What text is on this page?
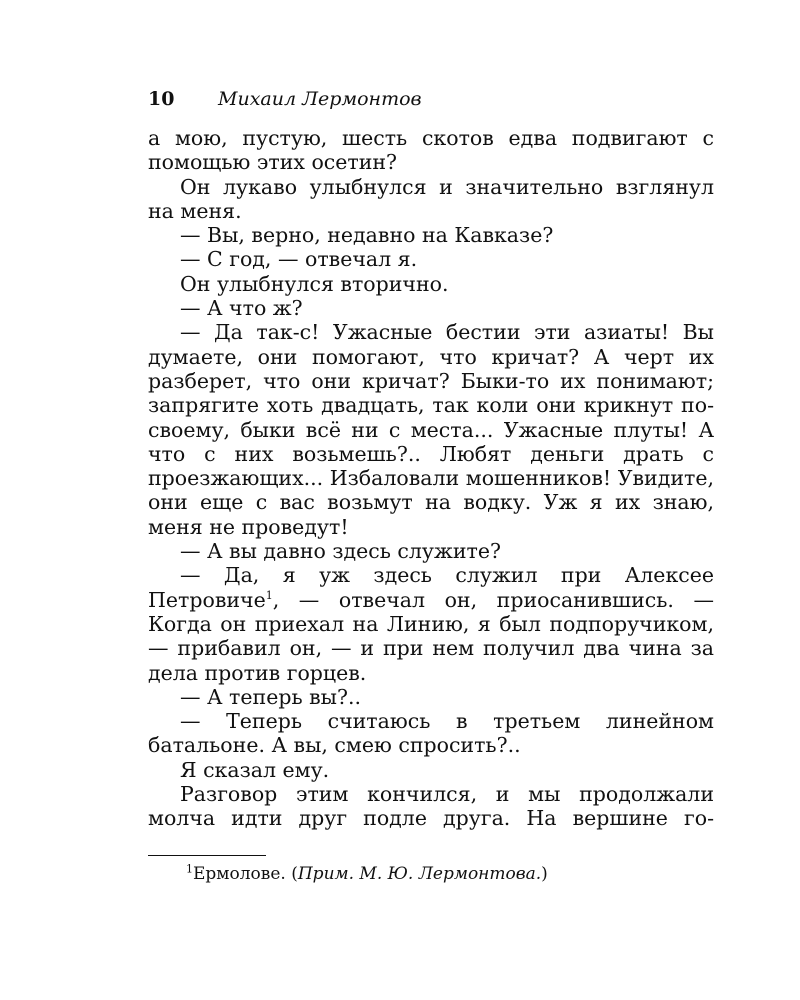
10 Михаил Лермонтов

а мою, пустую, шесть скотов едва подвигают с помощью этих осетин?

Он лукаво улыбнулся и значительно взглянул на меня.

— Вы, верно, недавно на Кавказе?

— С год, — отвечал я.

Он улыбнулся вторично.

— А что ж?

— Да так-с! Ужасные бестии эти азиаты! Вы думаете, они помогают, что кричат? А черт их разберет, что они кричат? Быки-то их понимают; запрягите хоть двадцать, так коли они крикнут по-своему, быки всё ни с места... Ужасные плуты! А что с них возьмешь?.. Любят деньги драть с проезжающих... Избаловали мошенников! Увидите, они еще с вас возьмут на водку. Уж я их знаю, меня не проведут!

— А вы давно здесь служите?

— Да, я уж здесь служил при Алексее Петровиче$^1$, — отвечал он, приосанившись. — Когда он приехал на Линию, я был подпоручиком, — прибавил он, — и при нем получил два чина за дела против горцев.

— А теперь вы?..

— Теперь считаюсь в третьем линейном батальоне. А вы, смею спросить?..

Я сказал ему.

Разговор этим кончился, и мы продолжали молча идти друг подле друга. На вершине го-

$^1$Ермолове. (Прим. М. Ю. Лермонтова.)
